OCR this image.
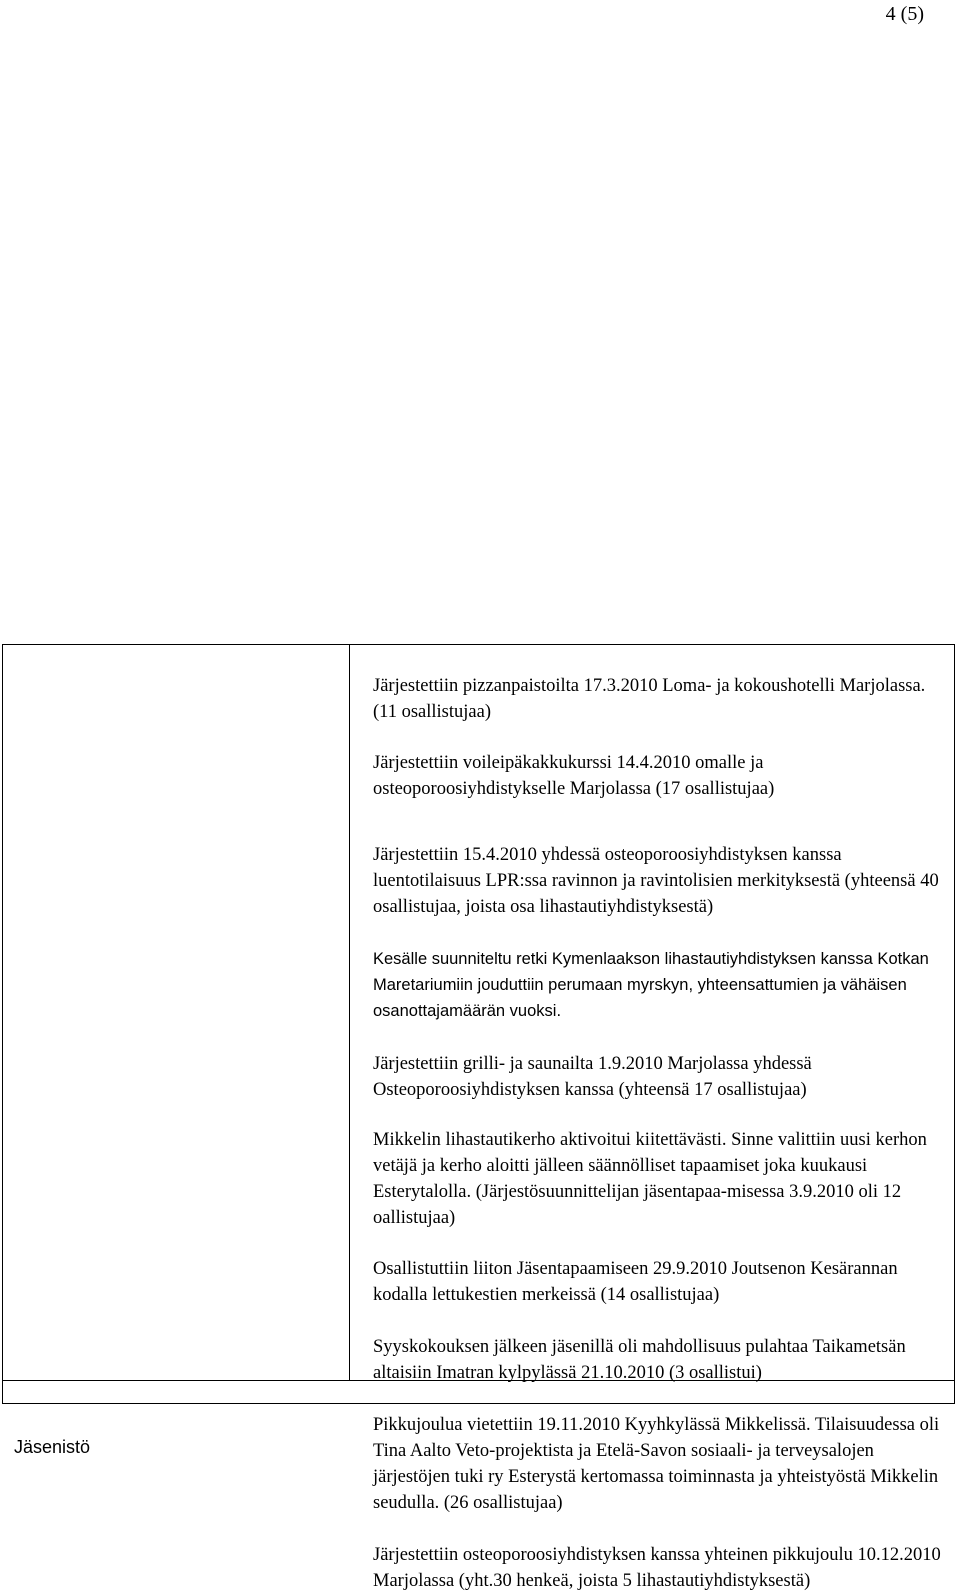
4 (5)

Järjestettiin pizzanpaistoilta 17.3.2010 Loma- ja kokoushotelli Marjolassa. (11 osallistujaa)

Järjestettiin voileipäkakkukurssi 14.4.2010 omalle ja osteoporoosiyhdistykselle Marjolassa (17 osallistujaa)

Järjestettiin 15.4.2010 yhdessä osteoporoosiyhdistyksen kanssa luentotilaisuus LPR:ssa ravinnon ja ravintolisien merkityksestä (yhteensä 40 osallistujaa, joista osa lihastautiyhdistyksestä)

Kesälle suunniteltu retki Kymenlaakson lihastautiyhdistyksen kanssa Kotkan Maretariumiin jouduttiin perumaan myrskyn, yhteensattumien ja vähäisen osanottajamäärän vuoksi.

Järjestettiin grilli- ja saunailta 1.9.2010 Marjolassa yhdessä Osteoporoosiyhdistyksen kanssa (yhteensä 17 osallistujaa)

Mikkelin lihastautikerho aktivoitui kiitettävästi. Sinne valittiin uusi kerhon vetäjä ja kerho aloitti jälleen säännölliset tapaamiset joka kuukausi Esterytalolla. (Järjestösuunnittelijan jäsentapaa-misessa 3.9.2010 oli 12 oallistujaa)

Osallistuttiin liiton Jäsentapaamiseen 29.9.2010 Joutsenon Kesärannan kodalla lettukestien merkeissä (14 osallistujaa)

Syyskokouksen jälkeen jäsenillä oli mahdollisuus pulahtaa Taikametsän altaisiin Imatran kylpylässä 21.10.2010 (3 osallistui)

Pikkujoulua vietettiin 19.11.2010 Kyyhkylässä Mikkelissä. Tilaisuudessa oli Tina Aalto Veto-projektista ja Etelä-Savon sosiaali- ja terveysalojen järjestöjen tuki ry Esterystä kertomassa toiminnasta ja yhteistyöstä Mikkelin seudulla. (26 osallistujaa)

Järjestettiin osteoporoosiyhdistyksen kanssa yhteinen pikkujoulu 10.12.2010 Marjolassa (yht.30 henkeä, joista 5 lihastautiyhdistyksestä)

Jäsenistö
